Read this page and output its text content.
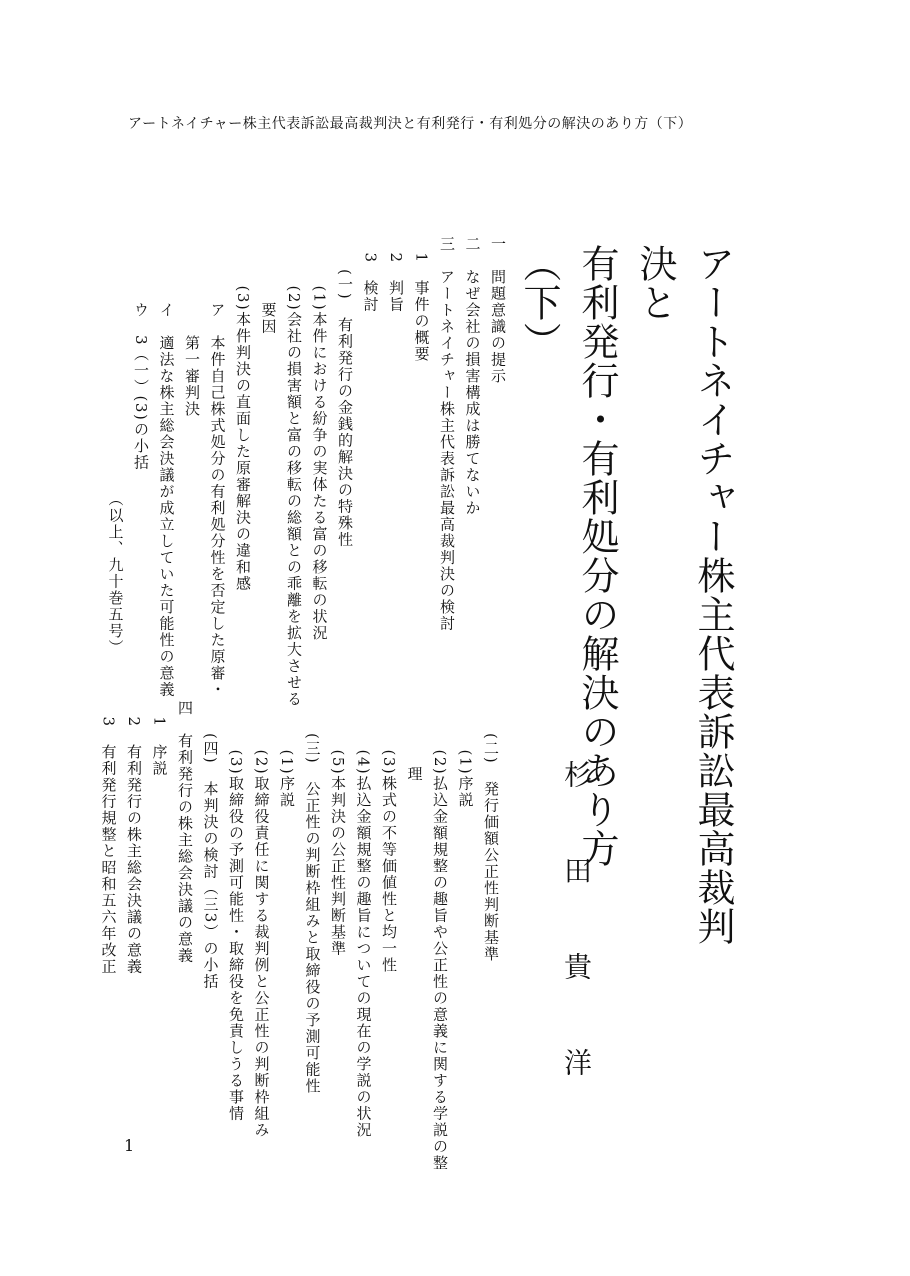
アートネイチャー株主代表訴訟最高裁判決と有利発行・有利処分の解決のあり方（下）
アートネイチャー株主代表訴訟最高裁判決と
有利発行・有利処分の解決のあり方（下）
杉田貴洋
一　問題意識の提示
二　なぜ会社の損害構成は勝てないか
三　アートネイチャー株主代表訴訟最高裁判決の検討
　1　事件の概要
　2　判旨
　3　検討
　　(一)　有利発行の金銭的解決の特殊性
　　　(1)本件における紛争の実体たる富の移転の状況
　　　(2)会社の損害額と富の移転の総額との乖離を拡大させる
　　　　要因
　　　(3)本件判決の直面した原審解決の違和感
　　　　ア　本件自己株式処分の有利処分性を否定した原審・
　　　　　　第一審判決
　　　　イ　適法な株主総会決議が成立していた可能性の意義
　　　　ウ　3（一）(3)の小括
（以上、九十巻五号）
　　(二)　発行価額公正性判断基準
　　　(1)序説
　　　(2)払込金額規整の趣旨や公正性の意義に関する学説の整
　　　　理
　　　(3)株式の不等価値性と均一性
　　　(4)払込金額規整の趣旨についての現在の学説の状況
　　　(5)本判決の公正性判断基準
　　(三)　公正性の判断枠組みと取締役の予測可能性
　　　(1)序説
　　　(2)取締役責任に関する裁判例と公正性の判断枠組み
　　　(3)取締役の予測可能性・取締役を免責しうる事情
　　(四)　本判決の検討（三3）の小括
四　有利発行の株主総会決議の意義
　1　序説
　2　有利発行の株主総会決議の意義
　3　有利発行規整と昭和五六年改正
1
